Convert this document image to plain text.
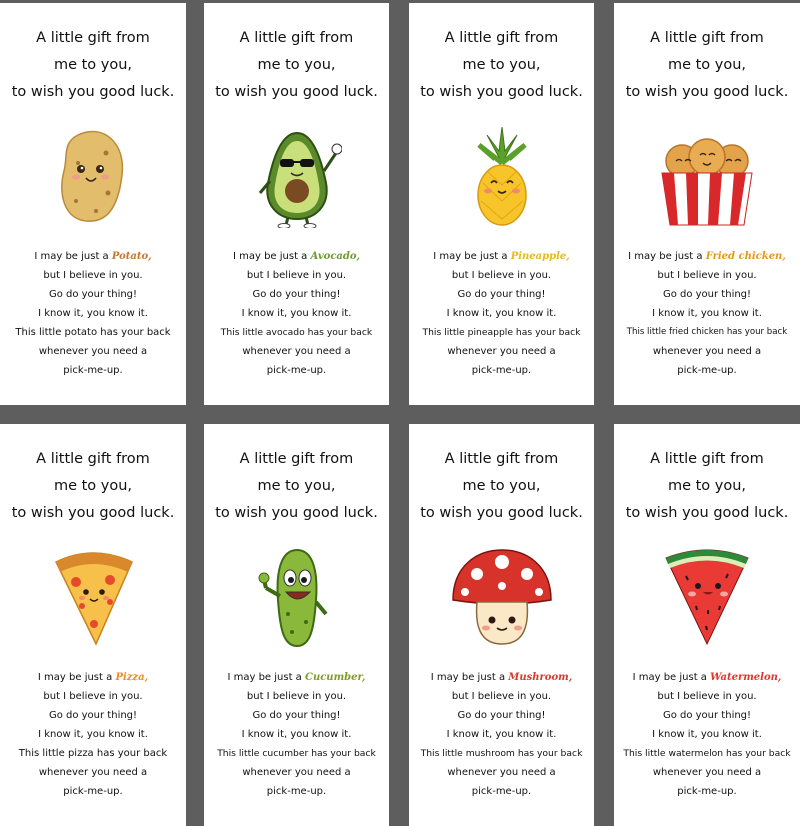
A little gift from
me to you,
to wish you good luck.
I may be just a Potato,
but I believe in you.
Go do your thing!
I know it, you know it.
This little potato has your back
whenever you need a
pick-me-up.
A little gift from
me to you,
to wish you good luck.
I may be just a Avocado,
but I believe in you.
Go do your thing!
I know it, you know it.
This little avocado has your back
whenever you need a
pick-me-up.
A little gift from
me to you,
to wish you good luck.
I may be just a Pineapple,
but I believe in you.
Go do your thing!
I know it, you know it.
This little pineapple has your back
whenever you need a
pick-me-up.
A little gift from
me to you,
to wish you good luck.
I may be just a Fried chicken,
but I believe in you.
Go do your thing!
I know it, you know it.
This little fried chicken has your back
whenever you need a
pick-me-up.
A little gift from
me to you,
to wish you good luck.
I may be just a Pizza,
but I believe in you.
Go do your thing!
I know it, you know it.
This little pizza has your back
whenever you need a
pick-me-up.
A little gift from
me to you,
to wish you good luck.
I may be just a Cucumber,
but I believe in you.
Go do your thing!
I know it, you know it.
This little cucumber has your back
whenever you need a
pick-me-up.
A little gift from
me to you,
to wish you good luck.
I may be just a Mushroom,
but I believe in you.
Go do your thing!
I know it, you know it.
This little mushroom has your back
whenever you need a
pick-me-up.
A little gift from
me to you,
to wish you good luck.
I may be just a Watermelon,
but I believe in you.
Go do your thing!
I know it, you know it.
This little watermelon has your back
whenever you need a
pick-me-up.
